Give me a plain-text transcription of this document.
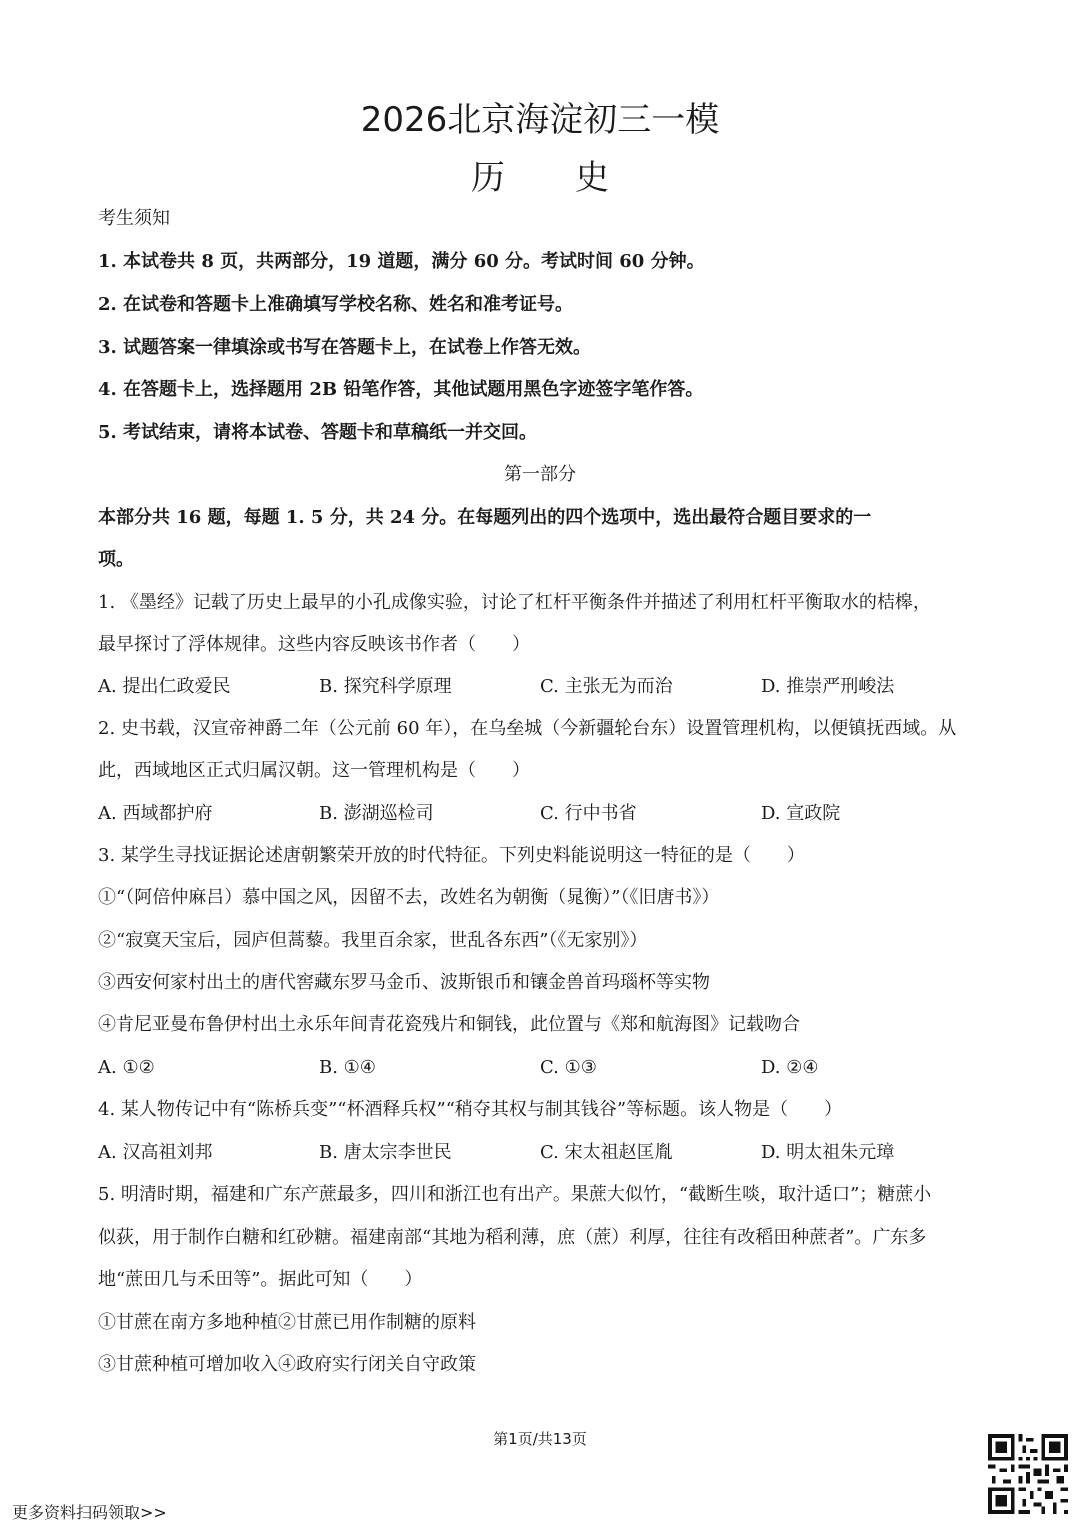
2026北京海淀初三一模
历史
考生须知
1. 本试卷共 8 页，共两部分，19 道题，满分 60 分。考试时间 60 分钟。
2. 在试卷和答题卡上准确填写学校名称、姓名和准考证号。
3. 试题答案一律填涂或书写在答题卡上，在试卷上作答无效。
4. 在答题卡上，选择题用 2B 铅笔作答，其他试题用黑色字迹签字笔作答。
5. 考试结束，请将本试卷、答题卡和草稿纸一并交回。
第一部分
本部分共 16 题，每题 1. 5 分，共 24 分。在每题列出的四个选项中，选出最符合题目要求的一
项。
1. 《墨经》记载了历史上最早的小孔成像实验，讨论了杠杆平衡条件并描述了利用杠杆平衡取水的桔槔，
最早探讨了浮体规律。这些内容反映该书作者（　　）
A. 提出仁政爱民	B. 探究科学原理	C. 主张无为而治	D. 推崇严刑峻法
2. 史书载，汉宣帝神爵二年（公元前 60 年），在乌垒城（今新疆轮台东）设置管理机构，以便镇抚西域。从
此，西域地区正式归属汉朝。这一管理机构是（　　）
A. 西域都护府	B. 澎湖巡检司	C. 行中书省	D. 宣政院
3. 某学生寻找证据论述唐朝繁荣开放的时代特征。下列史料能说明这一特征的是（　　）
①“（阿倍仲麻吕）慕中国之风，因留不去，改姓名为朝衡（晁衡）”（《旧唐书》）
②“寂寞天宝后，园庐但蒿藜。我里百余家，世乱各东西”（《无家别》）
③西安何家村出土的唐代窖藏东罗马金币、波斯银币和镶金兽首玛瑙杯等实物
④肯尼亚曼布鲁伊村出土永乐年间青花瓷残片和铜钱，此位置与《郑和航海图》记载吻合
A. ①②	B. ①④	C. ①③	D. ②④
4. 某人物传记中有“陈桥兵变”“杯酒释兵权”“稍夺其权与制其钱谷”等标题。该人物是（　　）
A. 汉高祖刘邦	B. 唐太宗李世民	C. 宋太祖赵匡胤	D. 明太祖朱元璋
5. 明清时期，福建和广东产蔗最多，四川和浙江也有出产。果蔗大似竹，“截断生啖，取汁适口”；糖蔗小
似荻，用于制作白糖和红砂糖。福建南部“其地为稻利薄，庶（蔗）利厚，往往有改稻田种蔗者”。广东多
地“蔗田几与禾田等”。据此可知（　　）
①甘蔗在南方多地种植②甘蔗已用作制糖的原料
③甘蔗种植可增加收入④政府实行闭关自守政策
第1页/共13页
更多资料扫码领取>>
